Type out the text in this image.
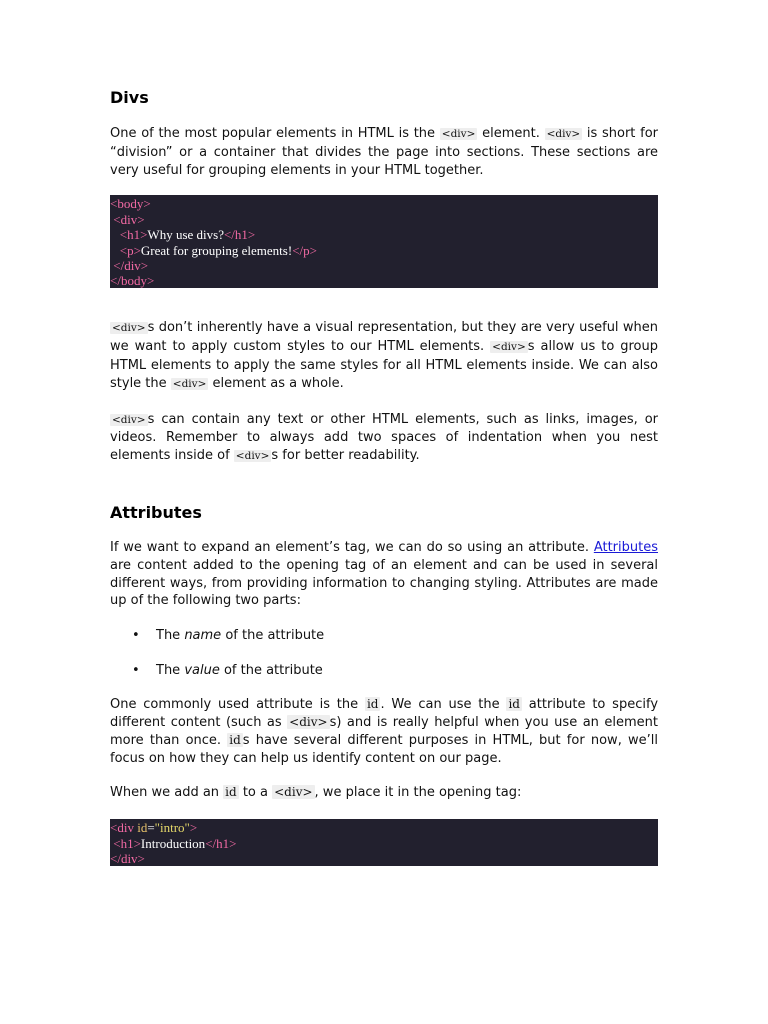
Divs

One of the most popular elements in HTML is the <div> element. <div> is short for “division” or a container that divides the page into sections. These sections are very useful for grouping elements in your HTML together.

<body>
<div>
<h1>Why use divs?</h1>
<p>Great for grouping elements!</p>
</div>
</body>

<div> s don’t inherently have a visual representation, but they are very useful when we want to apply custom styles to our HTML elements. <div> s allow us to group HTML elements to apply the same styles for all HTML elements inside. We can also style the <div> element as a whole.

<div> s can contain any text or other HTML elements, such as links, images, or videos. Remember to always add two spaces of indentation when you nest elements inside of <div> s for better readability.

Attributes

If we want to expand an element’s tag, we can do so using an attribute. Attributes are content added to the opening tag of an element and can be used in several different ways, from providing information to changing styling. Attributes are made up of the following two parts:

• The name of the attribute
• The value of the attribute

One commonly used attribute is the id . We can use the id attribute to specify different content (such as <div> s) and is really helpful when you use an element more than once. id s have several different purposes in HTML, but for now, we’ll focus on how they can help us identify content on our page.

When we add an id to a <div> , we place it in the opening tag:

<div id="intro">
<h1>Introduction</h1>
</div>
